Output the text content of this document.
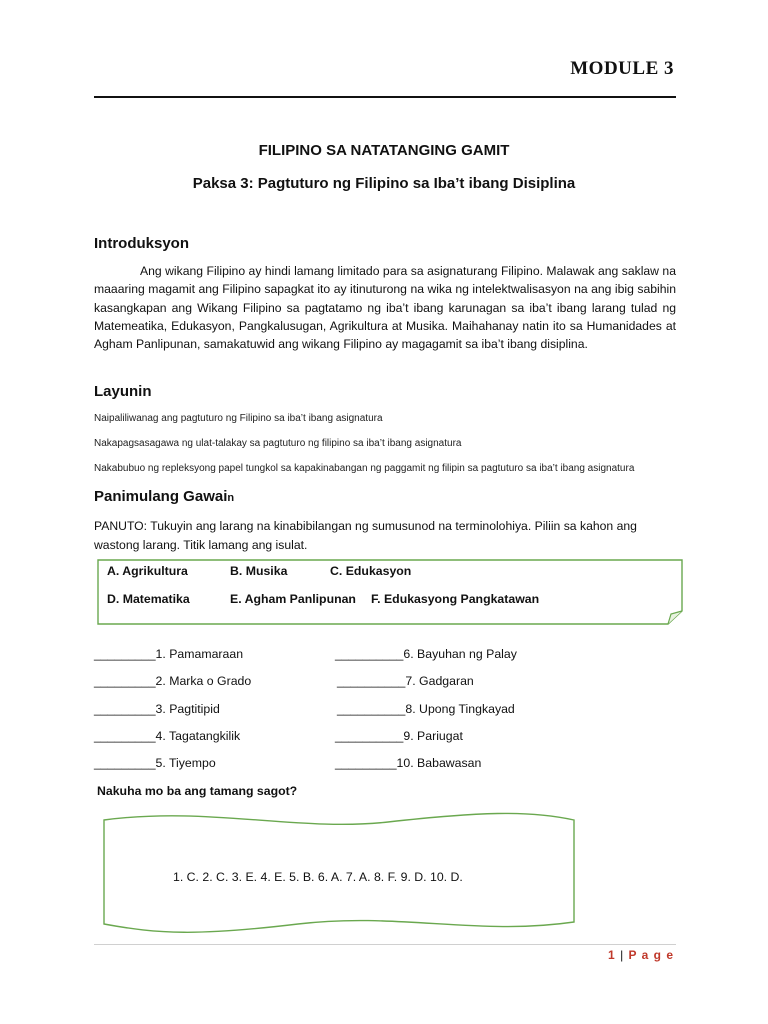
MODULE 3
FILIPINO SA NATATANGING GAMIT
Paksa 3: Pagtuturo ng Filipino sa Iba’t ibang Disiplina
Introduksyon

Ang wikang Filipino ay hindi lamang limitado para sa asignaturang Filipino. Malawak ang saklaw na maaaring magamit ang Filipino sapagkat ito ay itinuturong na wika ng intelektwalisasyon na ang ibig sabihin kasangkapan ang Wikang Filipino sa pagtatamo ng iba’t ibang karunagan sa iba’t ibang larang tulad ng Matemeatika, Edukasyon, Pangkalusugan, Agrikultura at Musika. Maihahanay natin ito sa Humanidades at Agham Panlipunan, samakatuwid ang wikang Filipino ay magagamit sa iba’t ibang disiplina.

Layunin
Naipaliliwanag ang pagtuturo ng Filipino sa iba’t ibang asignatura
Nakapagsasagawa ng ulat-talakay sa pagtuturo ng filipino sa iba’t ibang asignatura
Nakabubuo ng repleksyong papel tungkol sa kapakinabangan ng paggamit ng filipin sa pagtuturo sa iba’t ibang asignatura
Panimulang Gawain

PANUTO: Tukuyin ang larang na kinabibilangan ng sumusunod na terminolohiya. Piliin sa kahon ang wastong larang. Titik lamang ang isulat.

A. Agrikultura	B. Musika	C. Edukasyon
D. Matematika	E. Agham Panlipunan F. Edukasyong Pangkatawan
_________1. Pamamaraan
_________2. Marka o Grado
_________3. Pagtitipid
_________4. Tagatangkilik
_________5. Tiyempo
__________6. Bayuhan ng Palay
__________7. Gadgaran
__________8. Upong Tingkayad
__________9. Pariugat
_________10. Babawasan
Nakuha mo ba ang tamang sagot?
1. C. 2. C. 3. E. 4. E. 5. B. 6. A. 7. A. 8. F. 9. D. 10. D.
1 | P a g e
